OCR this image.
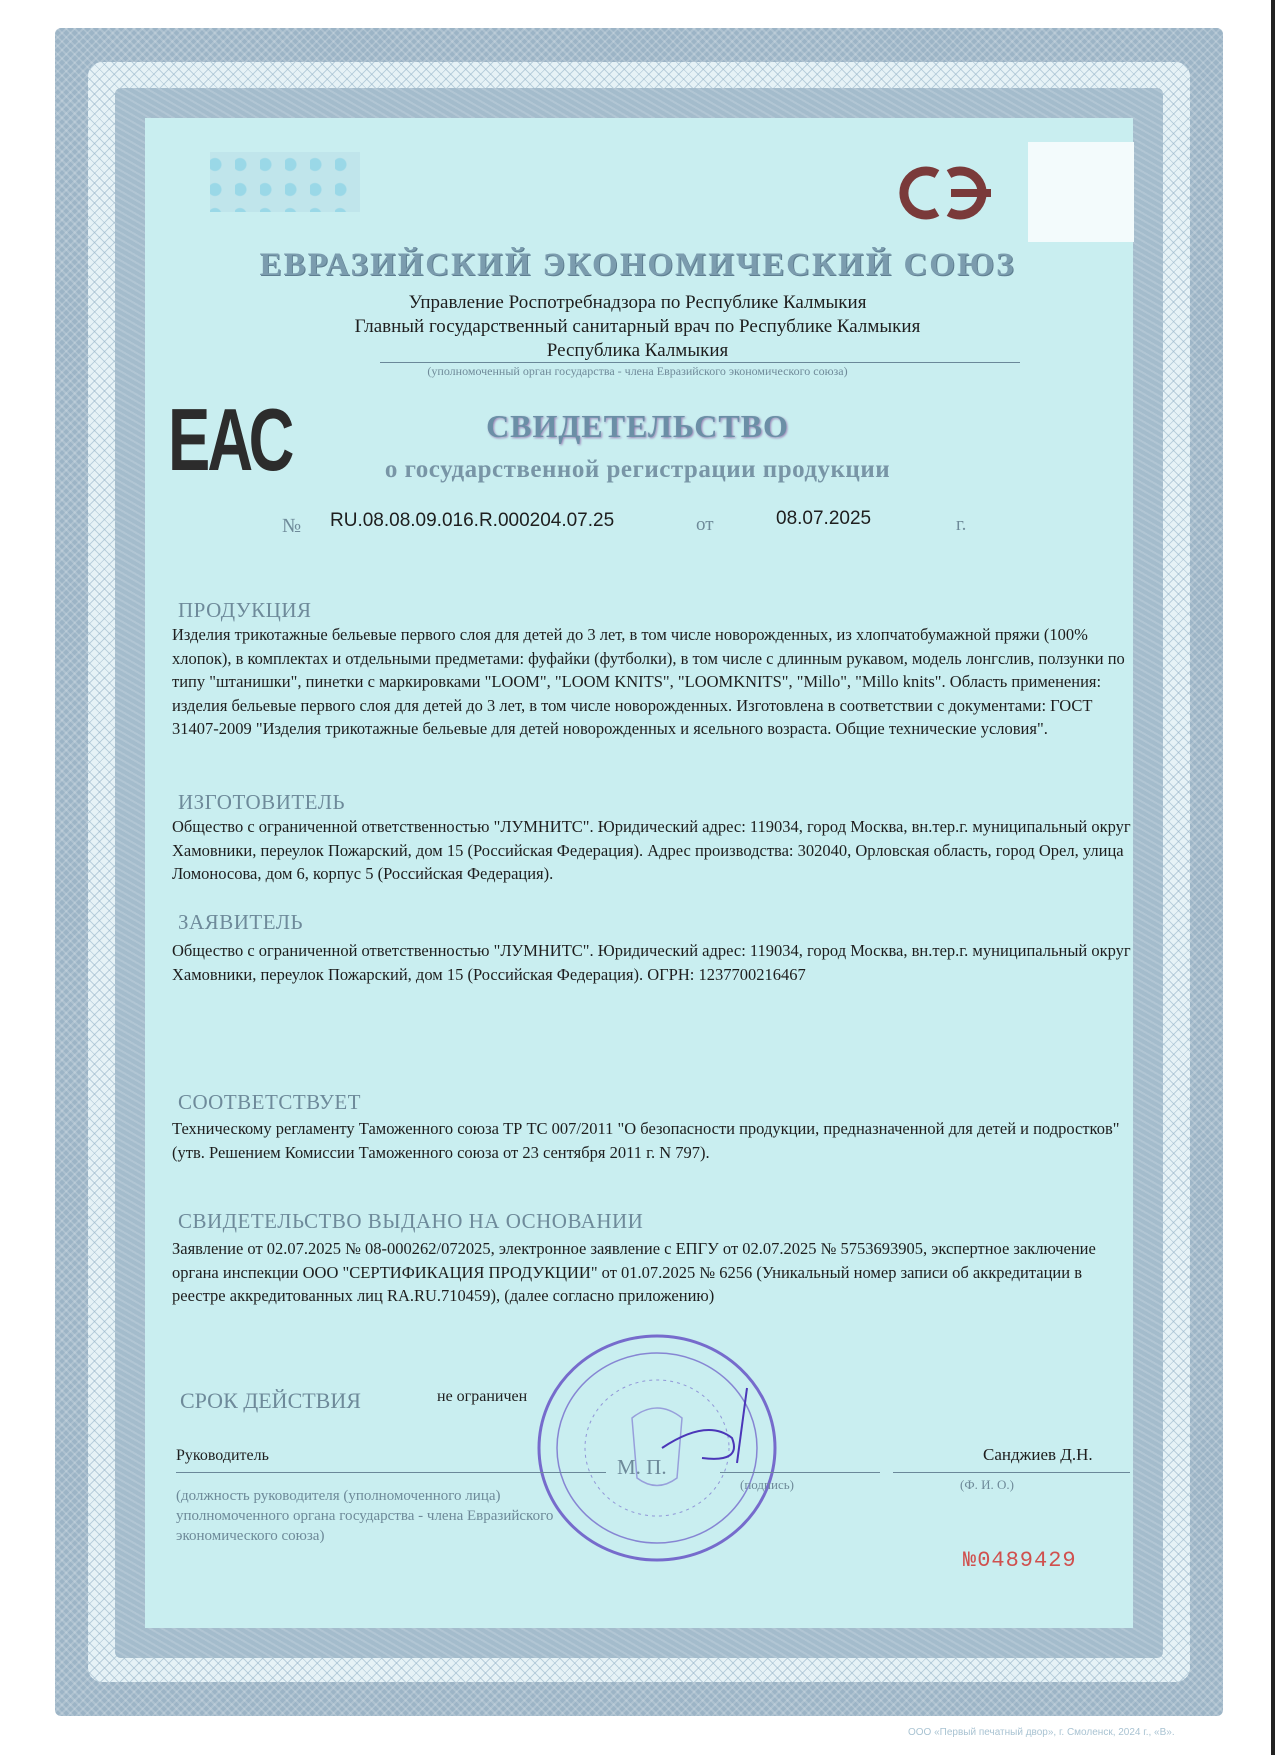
ЕВРАЗИЙСКИЙ ЭКОНОМИЧЕСКИЙ СОЮЗ
Управление Роспотребнадзора по Республике Калмыкия
Главный государственный санитарный врач по Республике Калмыкия
Республика Калмыкия
(уполномоченный орган государства - члена Евразийского экономического союза)
ЕАС	СВИДЕТЕЛЬСТВО
о государственной регистрации продукции
№ RU.08.08.09.016.R.000204.07.25	от	08.07.2025	г.
ПРОДУКЦИЯ
Изделия трикотажные бельевые первого слоя для детей до 3 лет, в том числе новорожденных, из хлопчатобумажной пряжи (100% хлопок), в комплектах и отдельными предметами: фуфайки (футболки), в том числе с длинным рукавом, модель лонгслив, ползунки по типу "штанишки", пинетки с маркировками "LOOM", "LOOM KNITS", "LOOMKNITS", "Millo", "Millo knits". Область применения: изделия бельевые первого слоя для детей до 3 лет, в том числе новорожденных. Изготовлена в соответствии с документами: ГОСТ 31407-2009 "Изделия трикотажные бельевые для детей новорожденных и ясельного возраста. Общие технические условия".
ИЗГОТОВИТЕЛЬ
Общество с ограниченной ответственностью "ЛУМНИТС". Юридический адрес: 119034, город Москва, вн.тер.г. муниципальный округ Хамовники, переулок Пожарский, дом 15 (Российская Федерация). Адрес производства: 302040, Орловская область, город Орел, улица Ломоносова, дом 6, корпус 5 (Российская Федерация).
ЗАЯВИТЕЛЬ
Общество с ограниченной ответственностью "ЛУМНИТС". Юридический адрес: 119034, город Москва, вн.тер.г. муниципальный округ Хамовники, переулок Пожарский, дом 15 (Российская Федерация). ОГРН: 1237700216467
СООТВЕТСТВУЕТ
Техническому регламенту Таможенного союза ТР ТС 007/2011 "О безопасности продукции, предназначенной для детей и подростков" (утв. Решением Комиссии Таможенного союза от 23 сентября 2011 г. N 797).
СВИДЕТЕЛЬСТВО ВЫДАНО НА ОСНОВАНИИ
Заявление от 02.07.2025 № 08-000262/072025, электронное заявление с ЕПГУ от 02.07.2025 № 5753693905, экспертное заключение органа инспекции ООО "СЕРТИФИКАЦИЯ ПРОДУКЦИИ" от 01.07.2025 № 6256 (Уникальный номер записи об аккредитации в реестре аккредитованных лиц RA.RU.710459), (далее согласно приложению)
СРОК ДЕЙСТВИЯ	не ограничен
Руководитель	Санджиев Д.Н.
М. П.
(подпись)	(Ф. И. О.)
(должность руководителя (уполномоченного лица) уполномоченного органа государства - члена Евразийского экономического союза)
№0489429
ООО «Первый печатный двор», г. Смоленск, 2024 г., «В».
